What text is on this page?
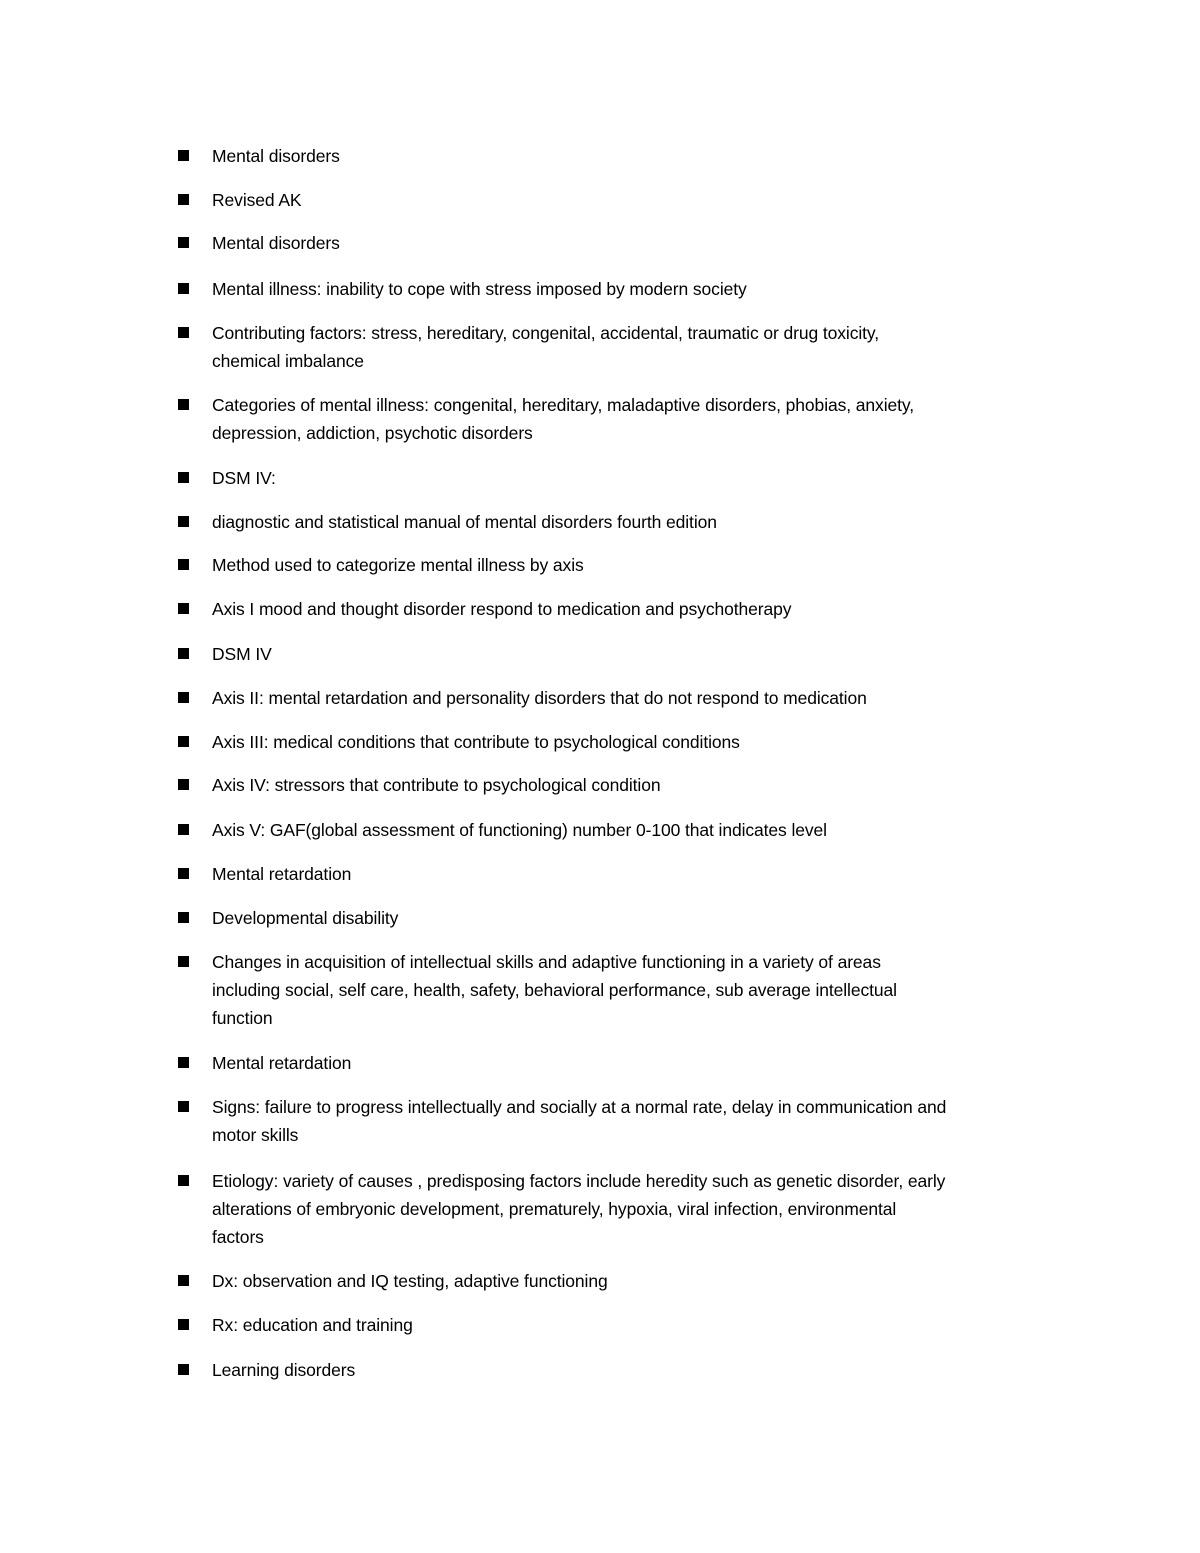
Mental disorders
Revised AK
Mental disorders
Mental illness: inability to cope with stress imposed by modern society
Contributing factors: stress, hereditary, congenital, accidental, traumatic or drug toxicity,
chemical imbalance
Categories of mental illness: congenital, hereditary, maladaptive disorders, phobias, anxiety,
depression, addiction, psychotic disorders
DSM IV:
diagnostic and statistical manual of mental disorders fourth edition
Method used to categorize mental illness by axis
Axis I mood and thought disorder respond to medication and psychotherapy
DSM IV
Axis II: mental retardation and personality disorders that do not respond to medication
Axis III: medical conditions that contribute to psychological conditions
Axis IV: stressors that contribute to psychological condition
Axis V: GAF(global assessment of functioning) number 0-100 that indicates level
Mental retardation
Developmental disability
Changes in acquisition of intellectual skills and adaptive functioning in a variety of areas
including social, self care, health, safety, behavioral performance, sub average intellectual
function
Mental retardation
Signs: failure to progress intellectually and socially at a normal rate, delay in communication and
motor skills
Etiology: variety of causes , predisposing factors include heredity such as genetic disorder, early
alterations of embryonic development, prematurely, hypoxia, viral infection, environmental
factors
Dx: observation and IQ testing, adaptive functioning
Rx: education and training
Learning disorders
